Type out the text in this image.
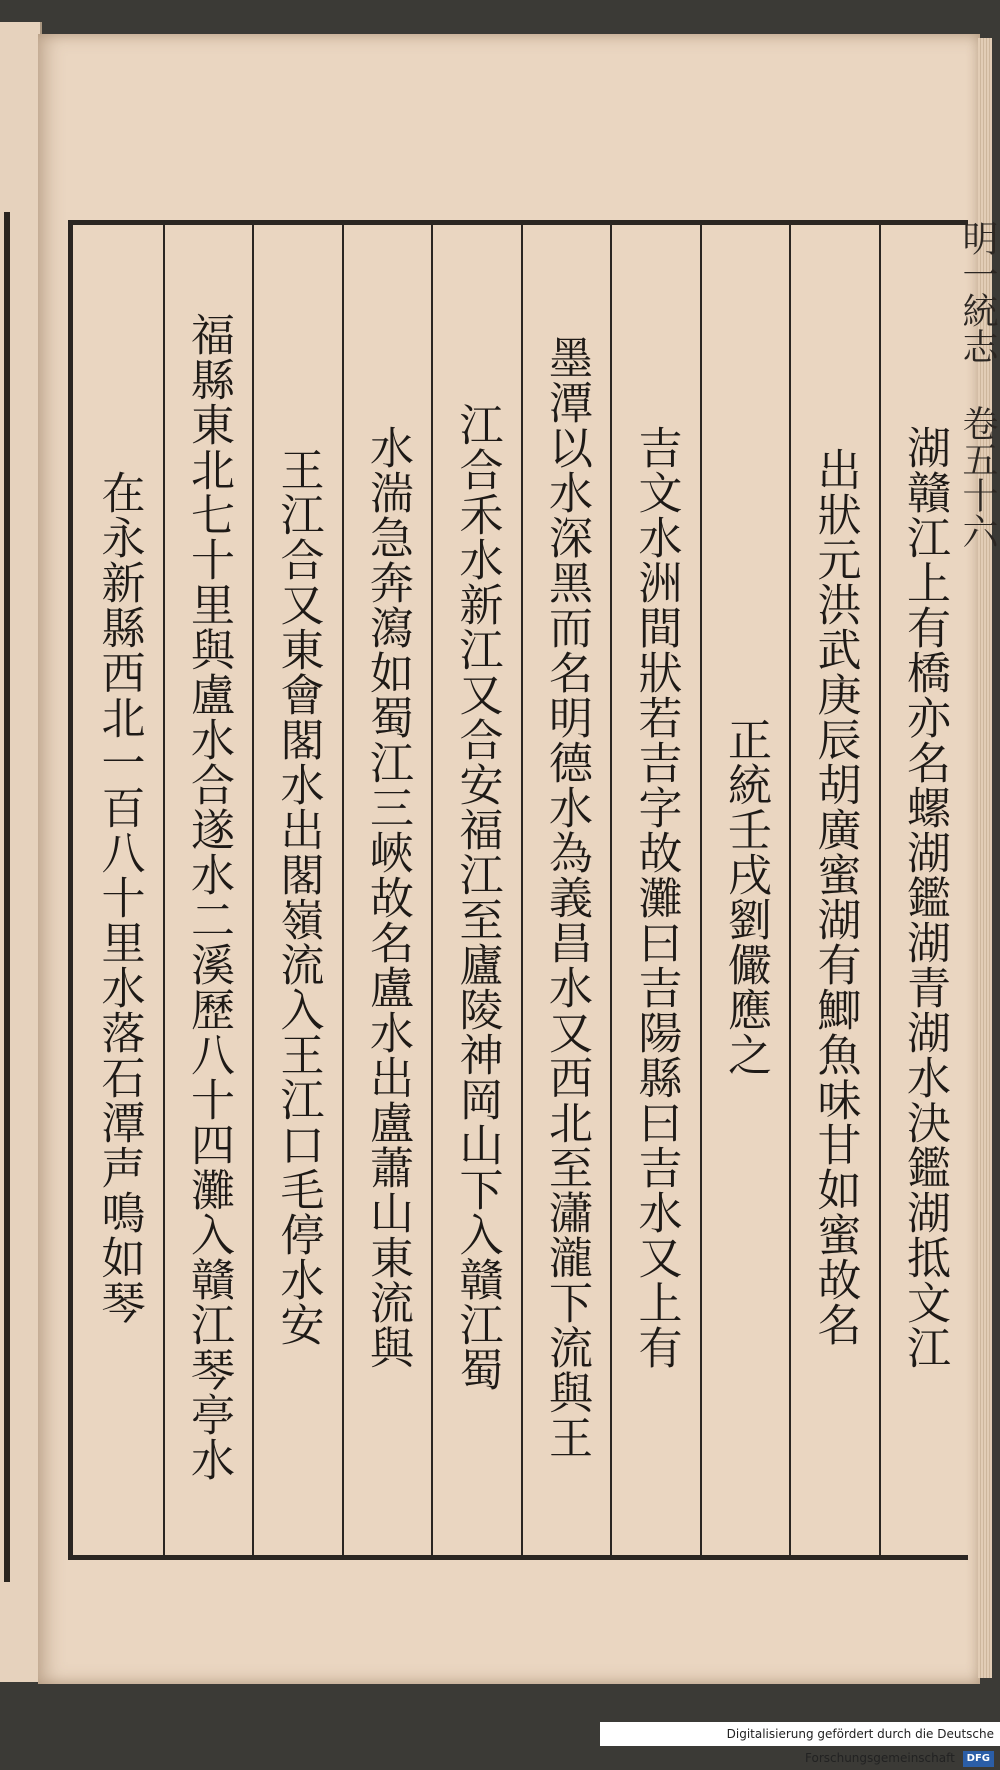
明一統志 卷五十六
湖贛江上有橋亦名螺湖鑑湖青湖水決鑑湖抵文江
出狀元洪武庚辰胡廣蜜湖有鯽魚味甘如蜜故名
正統壬戌劉儼應之
吉文水洲間狀若吉字故灘曰吉陽縣曰吉水又上有
墨潭以水深黑而名明德水為義昌水又西北至瀟瀧下流與王
江合禾水新江又合安福江至廬陵神岡山下入贛江蜀
水湍急奔瀉如蜀江三峽故名盧水出盧蕭山東流與
王江合又東會閣水出閣嶺流入王江口毛停水安
福縣東北七十里與盧水合遂水二溪歷八十四灘入贛江琴亭水
在永新縣西北一百八十里水落石潭声鳴如琴
Digitalisierung gefördert durch die Deutsche Forschungsgemeinschaft DFG
